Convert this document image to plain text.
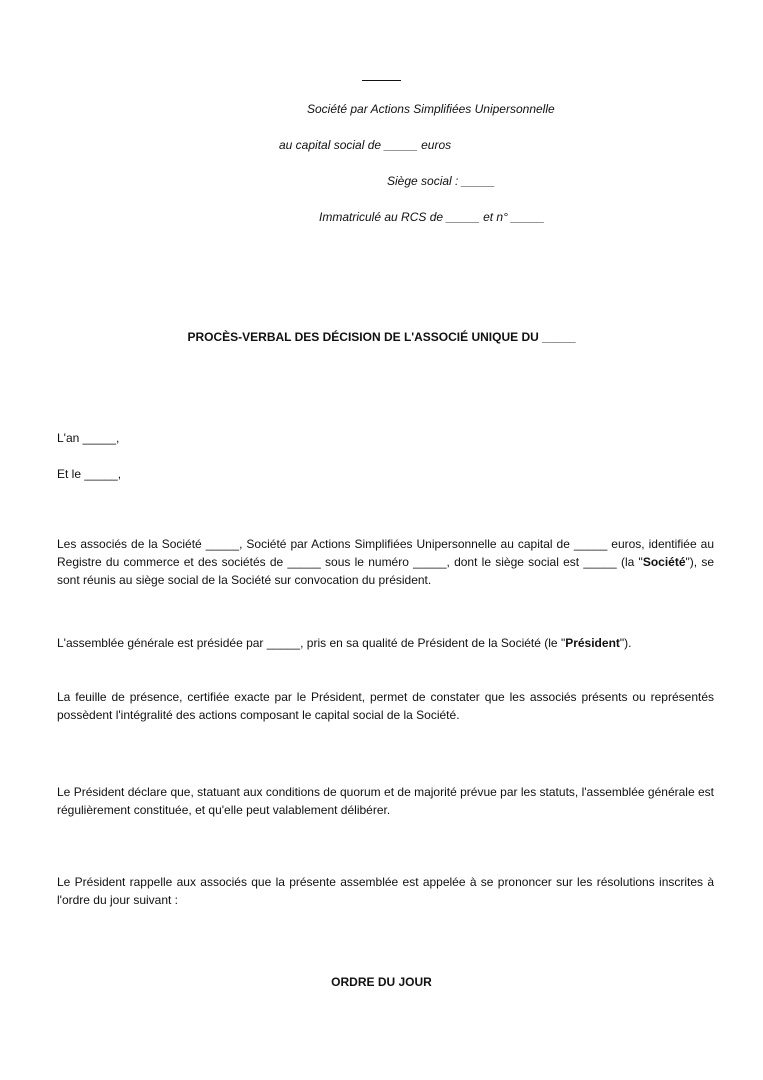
Société par Actions Simplifiées Unipersonnelle
au capital social de _____ euros
Siège social : _____
Immatriculé au RCS de _____ et n° _____
PROCÈS-VERBAL DES DÉCISION DE L'ASSOCIÉ UNIQUE DU _____
L'an _____,
Et le _____,
Les associés de la Société _____, Société par Actions Simplifiées Unipersonnelle au capital de _____ euros, identifiée au Registre du commerce et des sociétés de _____ sous le numéro _____, dont le siège social est _____ (la "Société"), se sont réunis au siège social de la Société sur convocation du président.
L'assemblée générale est présidée par _____, pris en sa qualité de Président de la Société (le "Président").
La feuille de présence, certifiée exacte par le Président, permet de constater que les associés présents ou représentés possèdent l'intégralité des actions composant le capital social de la Société.
Le Président déclare que, statuant aux conditions de quorum et de majorité prévue par les statuts, l'assemblée générale est régulièrement constituée, et qu'elle peut valablement délibérer.
Le Président rappelle aux associés que la présente assemblée est appelée à se prononcer sur les résolutions inscrites à l'ordre du jour suivant :
ORDRE DU JOUR
